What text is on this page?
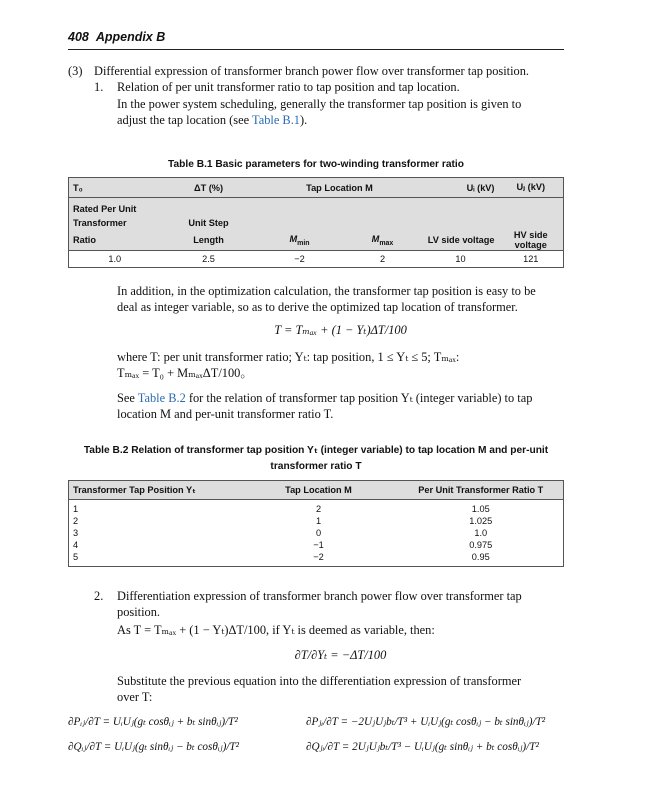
408 Appendix B
(3) Differential expression of transformer branch power flow over transformer tap position.
1. Relation of per unit transformer ratio to tap position and tap location.
In the power system scheduling, generally the transformer tap position is given to
adjust the tap location (see Table B.1).
Table B.1 Basic parameters for two-winding transformer ratio
T₀	ΔT (%)	Tap Location M		Uᵢ (kV)	Uⱼ (kV)
Rated Per Unit					
Transformer	Unit Step				
Ratio	Length	$M_{min}$	$M_{max}$	LV side voltage	HV side voltage
1.0	2.5	−2	2	10	121
In addition, in the optimization calculation, the transformer tap position is easy to be
deal as integer variable, so as to derive the optimized tap location of transformer.
T = Tₘₐₓ + (1 − Yₜ)ΔT/100
where T: per unit transformer ratio; Yₜ: tap position, 1 ≤ Yₜ ≤ 5; Tₘₐₓ:
Tₘₐₓ = T₀ + MₘₐₓΔT/100。
See Table B.2 for the relation of transformer tap position Yₜ (integer variable) to tap
location M and per-unit transformer ratio T.
Table B.2 Relation of transformer tap position Yₜ (integer variable) to tap location M and per-unit
transformer ratio T
Transformer Tap Position Yₜ	Tap Location M	Per Unit Transformer Ratio T
1	2	1.05
2	1	1.025
3	0	1.0
4	−1	0.975
5	−2	0.95
2. Differentiation expression of transformer branch power flow over transformer tap
position.
As T = Tₘₐₓ + (1 − Yₜ)ΔT/100, if Yₜ is deemed as variable, then:
∂T/∂Yₜ = −ΔT/100
Substitute the previous equation into the differentiation expression of transformer
over T:
∂Pᵢⱼ/∂T = UᵢUⱼ(gₜ cosθᵢⱼ + bₜ sinθᵢⱼ)/T²	∂Pⱼᵢ/∂T = −2UⱼUⱼbₜ/T³ + UᵢUⱼ(gₜ cosθᵢⱼ − bₜ sinθᵢⱼ)/T²
∂Qᵢⱼ/∂T = UᵢUⱼ(gₜ sinθᵢⱼ − bₜ cosθᵢⱼ)/T²	∂Qⱼᵢ/∂T = 2UⱼUⱼbₜ/T³ − UᵢUⱼ(gₜ sinθᵢⱼ + bₜ cosθᵢⱼ)/T²
